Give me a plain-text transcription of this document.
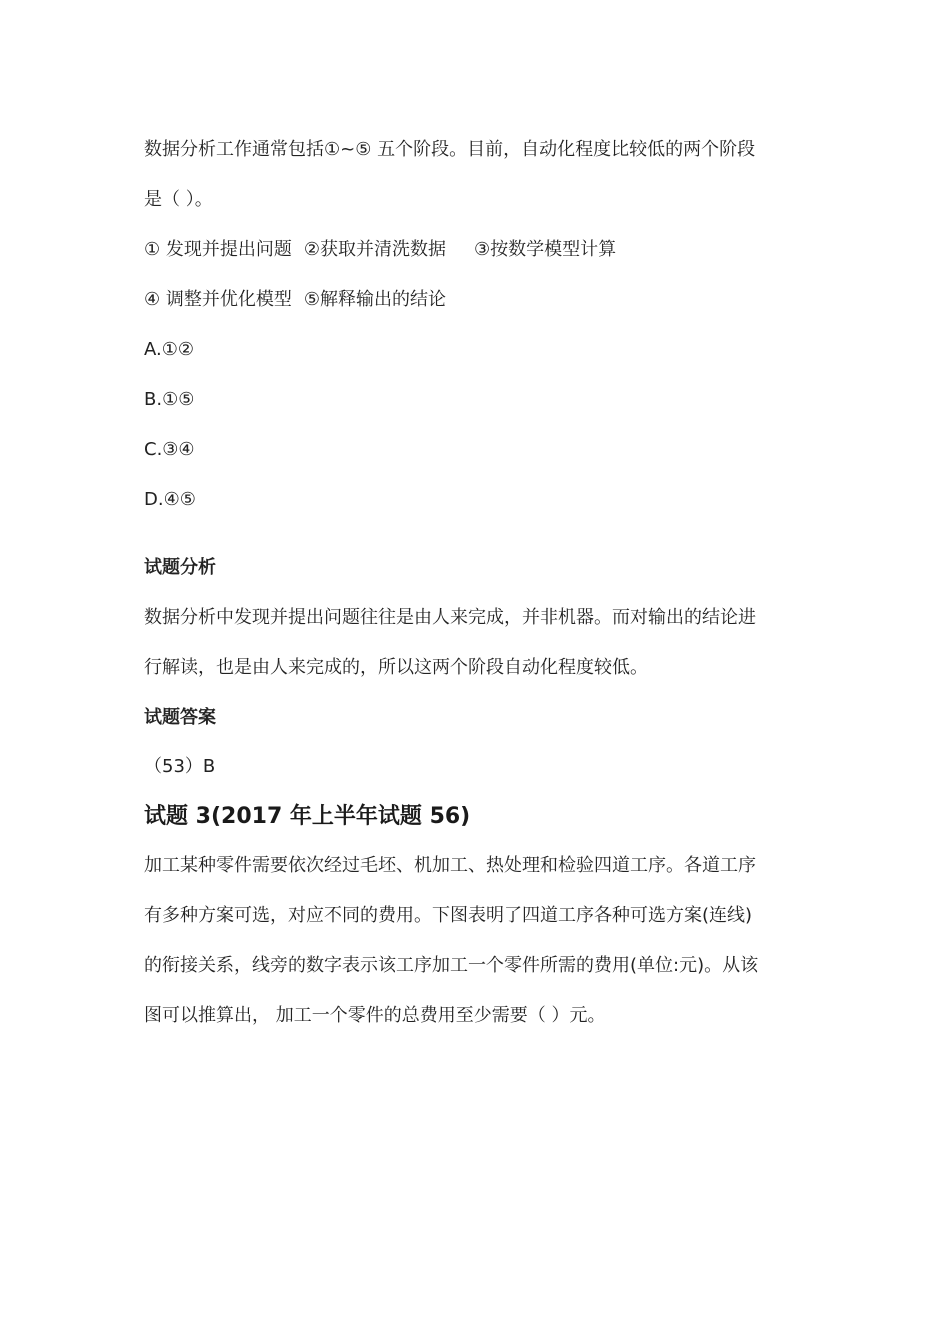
数据分析工作通常包括①~⑤ 五个阶段。目前，自动化程度比较低的两个阶段
是（ ）。
① 发现并提出问题 ②获取并清洗数据 ③按数学模型计算
④ 调整并优化模型 ⑤解释输出的结论
A.①②
B.①⑤
C.③④
D.④⑤
试题分析
数据分析中发现并提出问题往往是由人来完成，并非机器。而对输出的结论进
行解读，也是由人来完成的，所以这两个阶段自动化程度较低。
试题答案
（53）B
试题 3(2017 年上半年试题 56)
加工某种零件需要依次经过毛坯、机加工、热处理和检验四道工序。各道工序
有多种方案可选，对应不同的费用。下图表明了四道工序各种可选方案(连线)
的衔接关系，线旁的数字表示该工序加工一个零件所需的费用(单位:元)。从该
图可以推算出， 加工一个零件的总费用至少需要（ ）元。
